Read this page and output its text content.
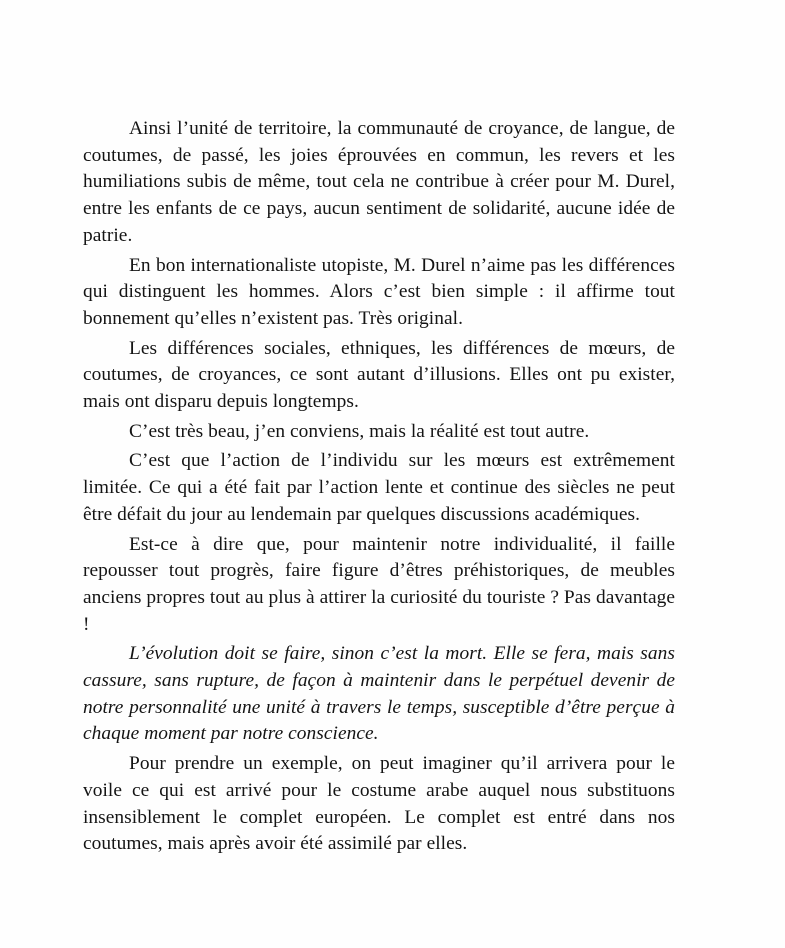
Ainsi l’unité de territoire, la communauté de croyance, de langue, de coutumes, de passé, les joies éprouvées en commun, les revers et les humiliations subis de même, tout cela ne contribue à créer pour M. Durel, entre les enfants de ce pays, aucun sentiment de solidarité, aucune idée de patrie.

En bon internationaliste utopiste, M. Durel n’aime pas les différences qui distinguent les hommes. Alors c’est bien simple : il affirme tout bonnement qu’elles n’existent pas. Très original.

Les différences sociales, ethniques, les différences de mœurs, de coutumes, de croyances, ce sont autant d’illusions. Elles ont pu exister, mais ont disparu depuis longtemps.

C’est très beau, j’en conviens, mais la réalité est tout autre.

C’est que l’action de l’individu sur les mœurs est extrêmement limitée. Ce qui a été fait par l’action lente et continue des siècles ne peut être défait du jour au lendemain par quelques discussions académiques.

Est-ce à dire que, pour maintenir notre individualité, il faille repousser tout progrès, faire figure d’êtres préhistoriques, de meubles anciens propres tout au plus à attirer la curiosité du touriste ? Pas davantage !

L’évolution doit se faire, sinon c’est la mort. Elle se fera, mais sans cassure, sans rupture, de façon à maintenir dans le perpétuel devenir de notre personnalité une unité à travers le temps, susceptible d’être perçue à chaque moment par notre conscience.

Pour prendre un exemple, on peut imaginer qu’il arrivera pour le voile ce qui est arrivé pour le costume arabe auquel nous substituons insensiblement le complet européen. Le complet est entré dans nos coutumes, mais après avoir été assimilé par elles.
